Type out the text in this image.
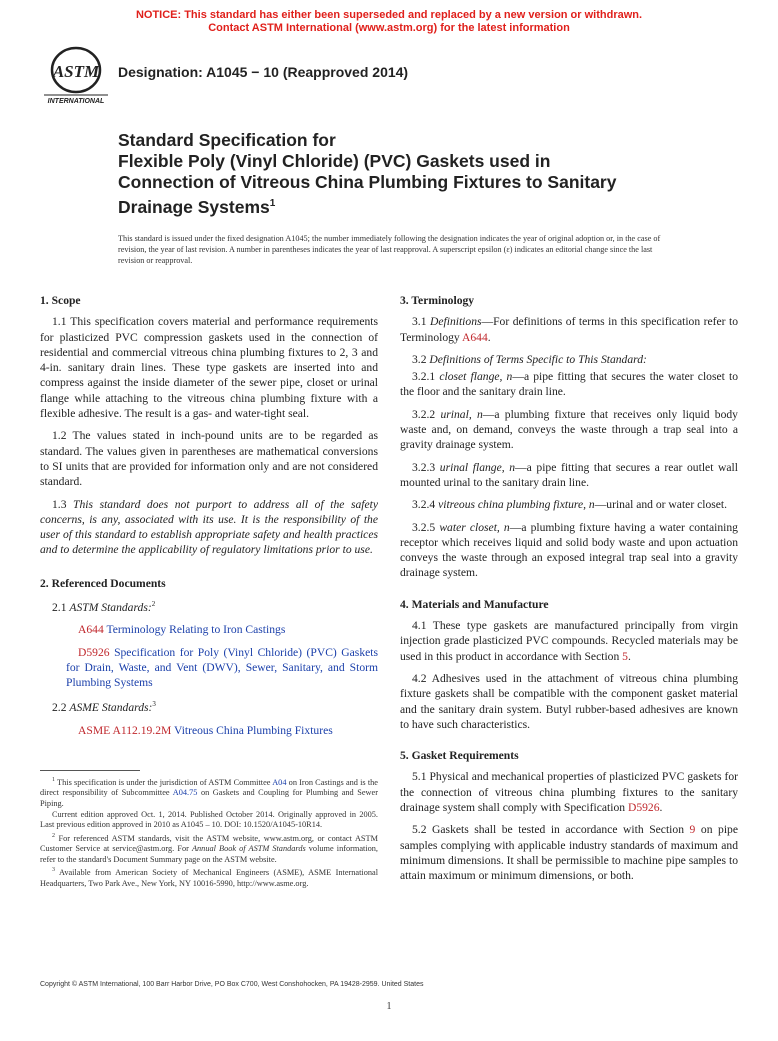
NOTICE: This standard has either been superseded and replaced by a new version or withdrawn.
Contact ASTM International (www.astm.org) for the latest information
ASTM
INTERNATIONAL
Designation: A1045 − 10 (Reapproved 2014)
Standard Specification for
Flexible Poly (Vinyl Chloride) (PVC) Gaskets used in
Connection of Vitreous China Plumbing Fixtures to Sanitary
Drainage Systems$^1$
This standard is issued under the fixed designation A1045; the number immediately following the designation indicates the year of original adoption or, in the case of revision, the year of last revision. A number in parentheses indicates the year of last reapproval. A superscript epsilon (ε) indicates an editorial change since the last revision or reapproval.
1. Scope

1.1 This specification covers material and performance requirements for plasticized PVC compression gaskets used in the connection of residential and commercial vitreous china plumbing fixtures to 2, 3 and 4-in. sanitary drain lines. These type gaskets are inserted into and compress against the inside diameter of the sewer pipe, closet or urinal flange while attaching to the vitreous china plumbing fixture with a flexible adhesive. The result is a gas- and water-tight seal.

1.2 The values stated in inch-pound units are to be regarded as standard. The values given in parentheses are mathematical conversions to SI units that are provided for information only and are not considered standard.

1.3 This standard does not purport to address all of the safety concerns, is any, associated with its use. It is the responsibility of the user of this standard to establish appropriate safety and health practices and to determine the applicability of regulatory limitations prior to use.

2. Referenced Documents

2.1 ASTM Standards:$^2$

A644 Terminology Relating to Iron Castings

D5926 Specification for Poly (Vinyl Chloride) (PVC) Gaskets for Drain, Waste, and Vent (DWV), Sewer, Sanitary, and Storm Plumbing Systems

2.2 ASME Standards:$^3$

ASME A112.19.2M Vitreous China Plumbing Fixtures

$^1$ This specification is under the jurisdiction of ASTM Committee A04 on Iron Castings and is the direct responsibility of Subcommittee A04.75 on Gaskets and Coupling for Plumbing and Sewer Piping.

Current edition approved Oct. 1, 2014. Published October 2014. Originally approved in 2005. Last previous edition approved in 2010 as A1045 – 10. DOI: 10.1520/A1045-10R14.

$^2$ For referenced ASTM standards, visit the ASTM website, www.astm.org, or contact ASTM Customer Service at service@astm.org. For Annual Book of ASTM Standards volume information, refer to the standard's Document Summary page on the ASTM website.

$^3$ Available from American Society of Mechanical Engineers (ASME), ASME International Headquarters, Two Park Ave., New York, NY 10016-5990, http://www.asme.org.

3. Terminology

3.1 Definitions—For definitions of terms in this specification refer to Terminology A644.

3.2 Definitions of Terms Specific to This Standard:

3.2.1 closet flange, n—a pipe fitting that secures the water closet to the floor and the sanitary drain line.

3.2.2 urinal, n—a plumbing fixture that receives only liquid body waste and, on demand, conveys the waste through a trap seal into a gravity drainage system.

3.2.3 urinal flange, n—a pipe fitting that secures a rear outlet wall mounted urinal to the sanitary drain line.

3.2.4 vitreous china plumbing fixture, n—urinal and or water closet.

3.2.5 water closet, n—a plumbing fixture having a water containing receptor which receives liquid and solid body waste and upon actuation conveys the waste through an exposed integral trap seal into a gravity drainage system.

4. Materials and Manufacture

4.1 These type gaskets are manufactured principally from virgin injection grade plasticized PVC compounds. Recycled materials may be used in this product in accordance with Section 5.

4.2 Adhesives used in the attachment of vitreous china plumbing fixture gaskets shall be compatible with the component gasket material and the sanitary drain system. Butyl rubber-based adhesives are known to have such characteristics.

5. Gasket Requirements

5.1 Physical and mechanical properties of plasticized PVC gaskets for the connection of vitreous china plumbing fixtures to the sanitary drainage system shall comply with Specification D5926.

5.2 Gaskets shall be tested in accordance with Section 9 on pipe samples complying with applicable industry standards of maximum and minimum dimensions. It shall be permissible to machine pipe samples to attain maximum or minimum dimensions, or both.

Copyright © ASTM International, 100 Barr Harbor Drive, PO Box C700, West Conshohocken, PA 19428-2959. United States
1
